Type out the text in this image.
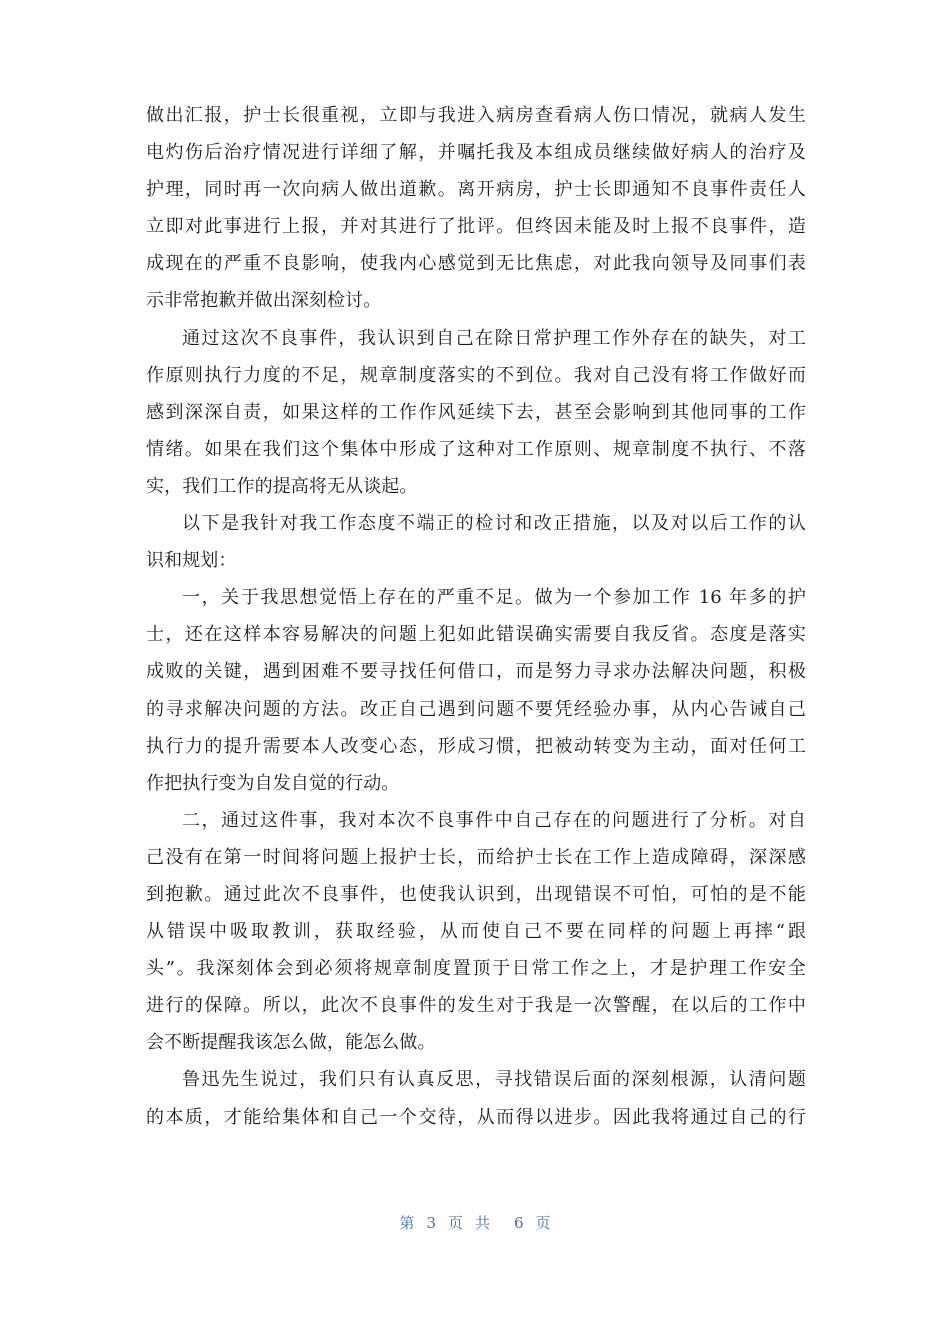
做出汇报，护士长很重视，立即与我进入病房查看病人伤口情况，就病人发生
电灼伤后治疗情况进行详细了解，并嘱托我及本组成员继续做好病人的治疗及
护理，同时再一次向病人做出道歉。离开病房，护士长即通知不良事件责任人
立即对此事进行上报，并对其进行了批评。但终因未能及时上报不良事件，造
成现在的严重不良影响，使我内心感觉到无比焦虑，对此我向领导及同事们表
示非常抱歉并做出深刻检讨。
通过这次不良事件，我认识到自己在除日常护理工作外存在的缺失，对工
作原则执行力度的不足，规章制度落实的不到位。我对自己没有将工作做好而
感到深深自责，如果这样的工作作风延续下去，甚至会影响到其他同事的工作
情绪。如果在我们这个集体中形成了这种对工作原则、规章制度不执行、不落
实，我们工作的提高将无从谈起。
以下是我针对我工作态度不端正的检讨和改正措施，以及对以后工作的认
识和规划：
一，关于我思想觉悟上存在的严重不足。做为一个参加工作 16 年多的护
士，还在这样本容易解决的问题上犯如此错误确实需要自我反省。态度是落实
成败的关键，遇到困难不要寻找任何借口，而是努力寻求办法解决问题，积极
的寻求解决问题的方法。改正自己遇到问题不要凭经验办事，从内心告诫自己
执行力的提升需要本人改变心态，形成习惯，把被动转变为主动，面对任何工
作把执行变为自发自觉的行动。
二，通过这件事，我对本次不良事件中自己存在的问题进行了分析。对自
己没有在第一时间将问题上报护士长，而给护士长在工作上造成障碍，深深感
到抱歉。通过此次不良事件，也使我认识到，出现错误不可怕，可怕的是不能
从错误中吸取教训，获取经验，从而使自己不要在同样的问题上再摔“跟
头”。我深刻体会到必须将规章制度置顶于日常工作之上，才是护理工作安全
进行的保障。所以，此次不良事件的发生对于我是一次警醒，在以后的工作中
会不断提醒我该怎么做，能怎么做。
鲁迅先生说过，我们只有认真反思，寻找错误后面的深刻根源，认清问题
的本质，才能给集体和自己一个交待，从而得以进步。因此我将通过自己的行
第 3 页共 6 页
